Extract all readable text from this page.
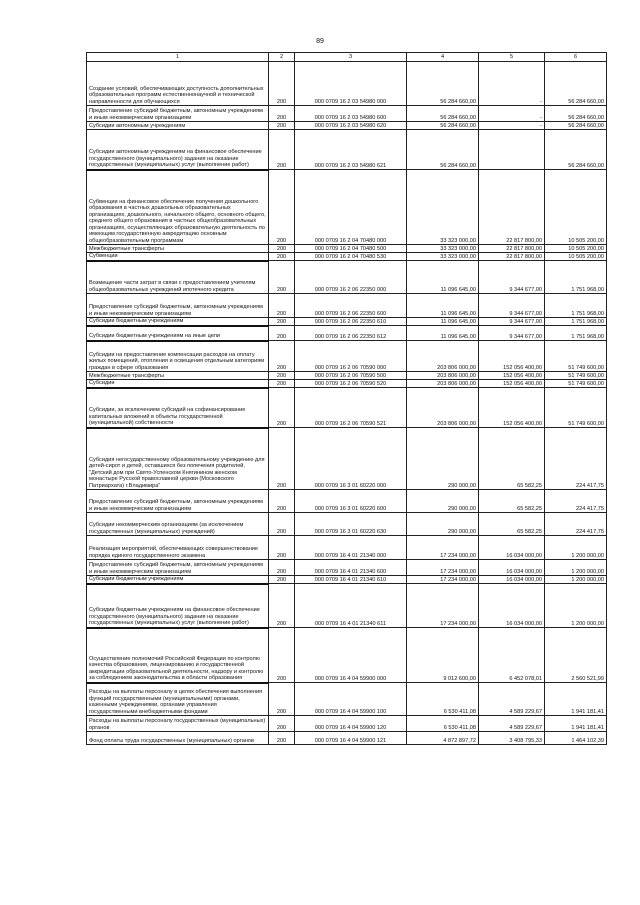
89
1	2	3	4	5	6
Создание условий, обеспечивающих доступность дополнительных образовательных программ естественнонаучной и технической направленности для обучающихся	200	000 0709 16 2 03 54980 000	56 284 660,00	-	56 284 660,00
Предоставление субсидий бюджетным, автономным учреждениям и иным некоммерческим организациям	200	000 0709 16 2 03 54980 600	56 284 660,00	-	56 284 660,00
Субсидии автономным учреждениям	200	000 0709 16 2 03 54980 620	56 284 660,00	-	56 284 660,00
Субсидии автономным учреждениям на финансовое обеспечение государственного (муниципального) задания на оказание государственных (муниципальных) услуг (выполнение работ)	200	000 0709 16 2 03 54980 621	56 284 660,00		56 284 660,00
Субвенции на финансовое обеспечение получения дошкольного образования в частных дошкольных образовательных организациях, дошкольного, начального общего, основного общего, среднего общего образования в частных общеобразовательных организациях, осуществляющих образовательную деятельность по имеющим государственную аккредитацию основным общеобразовательным программам	200	000 0709 16 2 04 70480 000	33 323 000,00	22 817 800,00	10 505 200,00
Межбюджетные трансферты	200	000 0709 16 2 04 70480 500	33 323 000,00	22 817 800,00	10 505 200,00
Субвенции	200	000 0709 16 2 04 70480 530	33 323 000,00	22 817 800,00	10 505 200,00
Возмещение части затрат в связи с предоставлением учителям общеобразовательных учреждений ипотечного кредита	200	000 0709 16 2 06 22350 000	11 096 645,00	9 344 677,00	1 751 968,00
Предоставление субсидий бюджетным, автономным учреждениям и иным некоммерческим организациям	200	000 0709 16 2 06 22350 600	11 096 645,00	9 344 677,00	1 751 968,00
Субсидии бюджетным учреждениям	200	000 0709 16 2 06 22350 610	11 096 645,00	9 344 677,00	1 751 968,00
Субсидии бюджетным учреждениям на иные цели	200	000 0709 16 2 06 22350 612	11 096 645,00	9 344 677,00	1 751 968,00
Субсидии на предоставление компенсации расходов на оплату жилых помещений, отопления и освещения отдельным категориям граждан в сфере образования	200	000 0709 16 2 06 70590 000	203 806 000,00	152 056 400,00	51 749 600,00
Межбюджетные трансферты	200	000 0709 16 2 06 70590 500	203 806 000,00	152 056 400,00	51 749 600,00
Субсидии	200	000 0709 16 2 06 70590 520	203 806 000,00	152 056 400,00	51 749 600,00
Субсидии, за исключением субсидий на софинансирование капитальных вложений в объекты государственной (муниципальной) собственности	200	000 0709 16 2 06 70590 521	203 806 000,00	152 056 400,00	51 749 600,00
Субсидия негосударственному образовательному учреждению для детей-сирот и детей, оставшихся без попечения родителей, "Детский дом при Свято-Успенском Княгинином женском монастыре Русской православной церкви (Московского Патриархата) г.Владимира"	200	000 0709 16 3 01 60220 000	290 000,00	65 582,25	224 417,75
Предоставление субсидий бюджетным, автономным учреждениям и иным некоммерческим организациям	200	000 0709 16 3 01 60220 600	290 000,00	65 582,25	224 417,75
Субсидии некоммерческим организациям (за исключением государственных (муниципальных) учреждений)	200	000 0709 16 3 01 60220 630	290 000,00	65 582,25	224 417,75
Реализация мероприятий, обеспечивающих совершенствование порядка единого государственного экзамена	200	000 0709 16 4 01 21340 000	17 234 000,00	16 034 000,00	1 200 000,00
Предоставление субсидий бюджетным, автономным учреждениям и иным некоммерческим организациям	200	000 0709 16 4 01 21340 600	17 234 000,00	16 034 000,00	1 200 000,00
Субсидии бюджетным учреждениям	200	000 0709 16 4 01 21340 610	17 234 000,00	16 034 000,00	1 200 000,00
Субсидии бюджетным учреждениям на финансовое обеспечение государственного (муниципального) задания на оказание государственных (муниципальных) услуг (выполнение работ)	200	000 0709 16 4 01 21340 611	17 234 000,00	16 034 000,00	1 200 000,00
Осуществление полномочий Российской Федерации по контролю качества образования, лицензированию и государственной аккредитации образовательной деятельности, надзору и контролю за соблюдением законодательства в области образования	200	000 0709 16 4 04 59900 000	9 012 600,00	6 452 078,01	2 560 521,99
Расходы на выплаты персоналу в целях обеспечения выполнения функций государственными (муниципальными) органами, казенными учреждениями, органами управления государственными внебюджетными фондами	200	000 0709 16 4 04 59900 100	6 530 411,08	4 589 229,67	1 941 181,41
Расходы на выплаты персоналу государственных (муниципальных) органов	200	000 0709 16 4 04 59900 120	6 530 411,08	4 589 229,67	1 941 181,41
Фонд оплаты труда государственных (муниципальных) органов	200	000 0709 16 4 04 59900 121	4 872 897,72	3 408 795,33	1 464 102,39
